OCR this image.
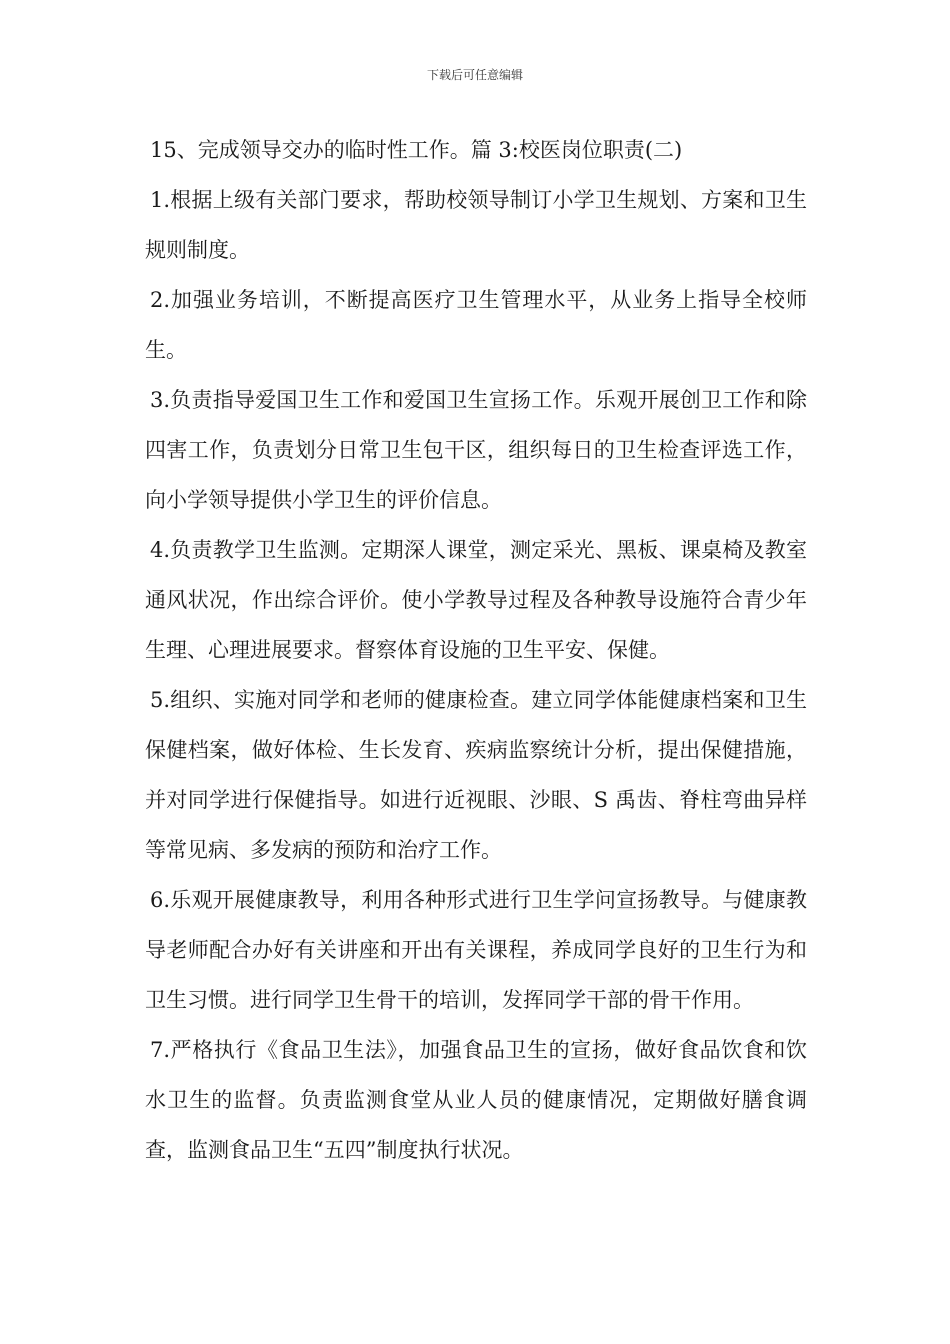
下载后可任意编辑

15、完成领导交办的临时性工作。篇 3:校医岗位职责(二)

1.根据上级有关部门要求，帮助校领导制订小学卫生规划、方案和卫生规则制度。

2.加强业务培训，不断提高医疗卫生管理水平，从业务上指导全校师生。

3.负责指导爱国卫生工作和爱国卫生宣扬工作。乐观开展创卫工作和除四害工作，负责划分日常卫生包干区，组织每日的卫生检查评选工作，向小学领导提供小学卫生的评价信息。

4.负责教学卫生监测。定期深人课堂，测定采光、黑板、课桌椅及教室通风状况，作出综合评价。使小学教导过程及各种教导设施符合青少年生理、心理进展要求。督察体育设施的卫生平安、保健。

5.组织、实施对同学和老师的健康检查。建立同学体能健康档案和卫生保健档案，做好体检、生长发育、疾病监察统计分析，提出保健措施，并对同学进行保健指导。如进行近视眼、沙眼、S 禹齿、脊柱弯曲异样等常见病、多发病的预防和治疗工作。

6.乐观开展健康教导，利用各种形式进行卫生学问宣扬教导。与健康教导老师配合办好有关讲座和开出有关课程，养成同学良好的卫生行为和卫生习惯。进行同学卫生骨干的培训，发挥同学干部的骨干作用。

7.严格执行《食品卫生法》，加强食品卫生的宣扬，做好食品饮食和饮水卫生的监督。负责监测食堂从业人员的健康情况，定期做好膳食调查，监测食品卫生“五四”制度执行状况。
